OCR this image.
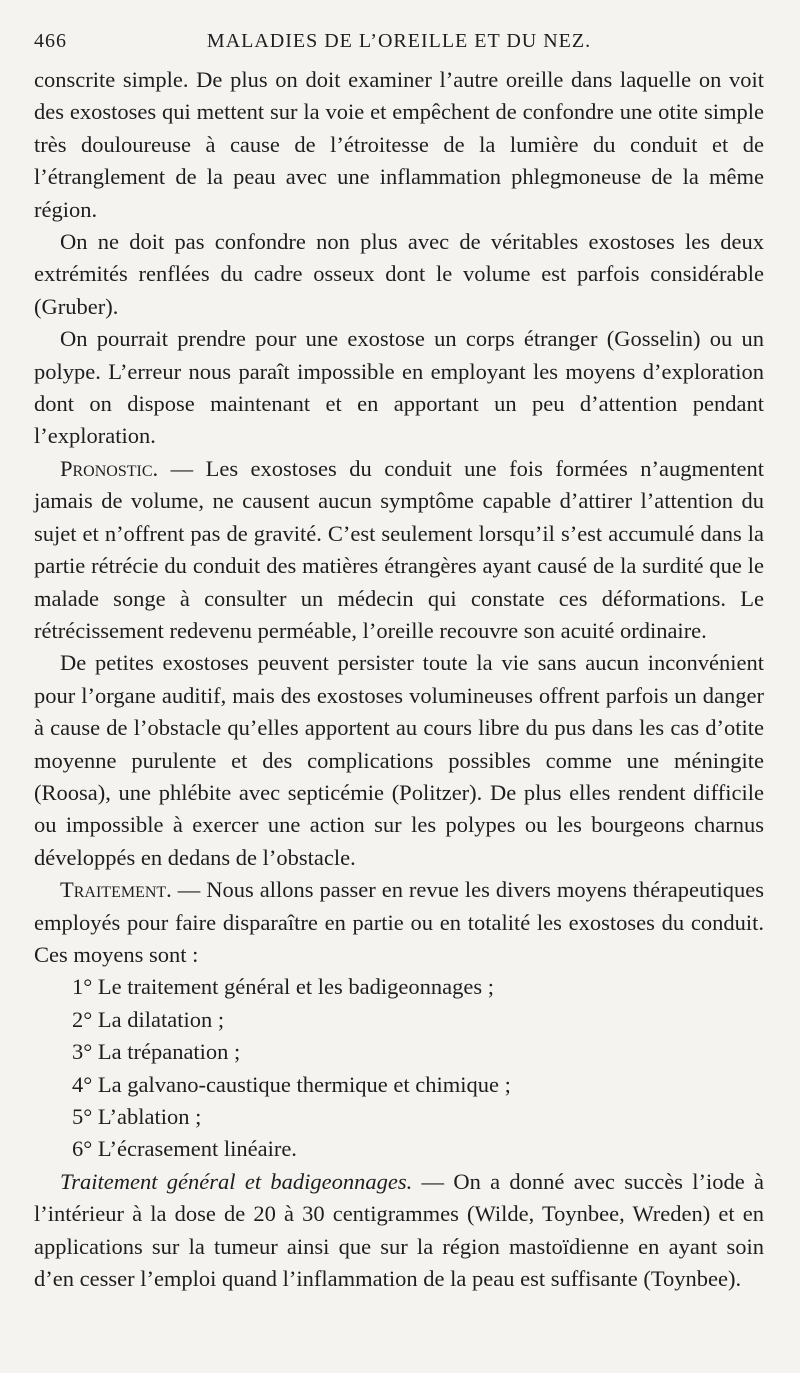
466	MALADIES DE L’OREILLE ET DU NEZ.

conscrite simple. De plus on doit examiner l’autre oreille dans laquelle on voit des exostoses qui mettent sur la voie et empêchent de confondre une otite simple très douloureuse à cause de l’étroitesse de la lumière du conduit et de l’étranglement de la peau avec une inflammation phlegmoneuse de la même région.

On ne doit pas confondre non plus avec de véritables exostoses les deux extrémités renflées du cadre osseux dont le volume est parfois considérable (Gruber).

On pourrait prendre pour une exostose un corps étranger (Gosselin) ou un polype. L’erreur nous paraît impossible en employant les moyens d’exploration dont on dispose maintenant et en apportant un peu d’attention pendant l’exploration.

Pronostic. — Les exostoses du conduit une fois formées n’augmentent jamais de volume, ne causent aucun symptôme capable d’attirer l’attention du sujet et n’offrent pas de gravité. C’est seulement lorsqu’il s’est accumulé dans la partie rétrécie du conduit des matières étrangères ayant causé de la surdité que le malade songe à consulter un médecin qui constate ces déformations. Le rétrécissement redevenu perméable, l’oreille recouvre son acuité ordinaire.

De petites exostoses peuvent persister toute la vie sans aucun inconvénient pour l’organe auditif, mais des exostoses volumineuses offrent parfois un danger à cause de l’obstacle qu’elles apportent au cours libre du pus dans les cas d’otite moyenne purulente et des complications possibles comme une méningite (Roosa), une phlébite avec septicémie (Politzer). De plus elles rendent difficile ou impossible à exercer une action sur les polypes ou les bourgeons charnus développés en dedans de l’obstacle.

Traitement. — Nous allons passer en revue les divers moyens thérapeutiques employés pour faire disparaître en partie ou en totalité les exostoses du conduit. Ces moyens sont :

1° Le traitement général et les badigeonnages ;
2° La dilatation ;
3° La trépanation ;
4° La galvano-caustique thermique et chimique ;
5° L’ablation ;
6° L’écrasement linéaire.

Traitement général et badigeonnages. — On a donné avec succès l’iode à l’intérieur à la dose de 20 à 30 centigrammes (Wilde, Toynbee, Wreden) et en applications sur la tumeur ainsi que sur la région mastoïdienne en ayant soin d’en cesser l’emploi quand l’inflammation de la peau est suffisante (Toynbee).
